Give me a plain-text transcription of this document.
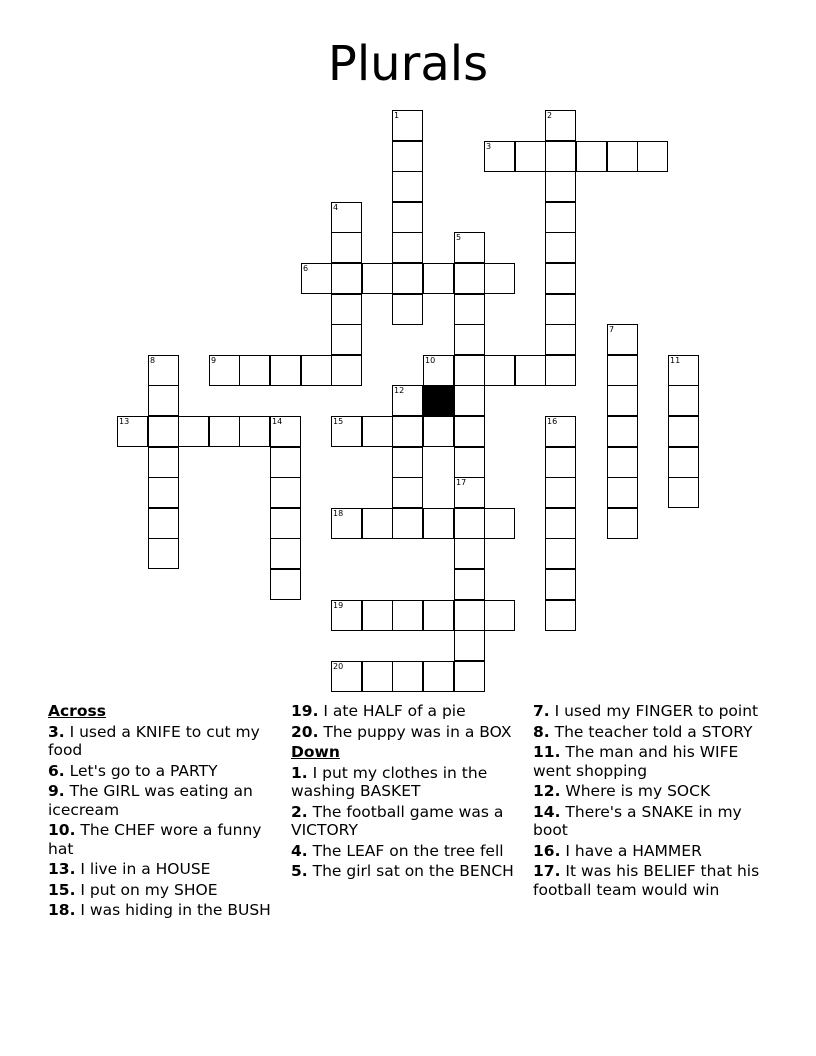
Plurals
1	2
3
4
5
6
7
8	9	10	11
12
13	14	15	16
17
18
19
20
Across
3. I used a KNIFE to cut my food
6. Let's go to a PARTY
9. The GIRL was eating an icecream
10. The CHEF wore a funny hat
13. I live in a HOUSE
15. I put on my SHOE
18. I was hiding in the BUSH
19. I ate HALF of a pie
20. The puppy was in a BOX
Down
1. I put my clothes in the washing BASKET
2. The football game was a VICTORY
4. The LEAF on the tree fell
5. The girl sat on the BENCH
7. I used my FINGER to point
8. The teacher told a STORY
11. The man and his WIFE went shopping
12. Where is my SOCK
14. There's a SNAKE in my boot
16. I have a HAMMER
17. It was his BELIEF that his football team would win
